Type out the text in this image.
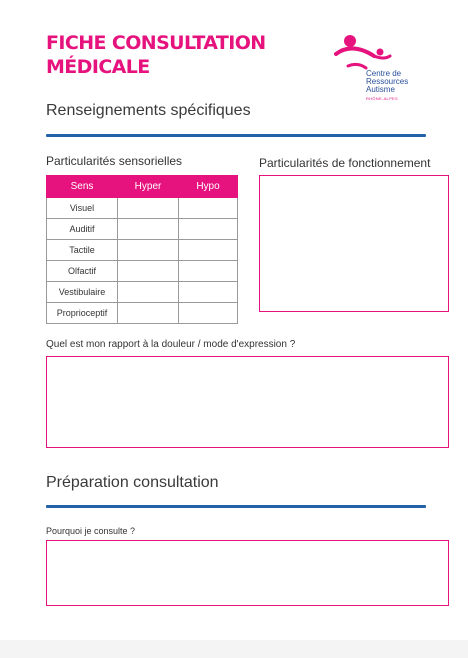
FICHE CONSULTATION
MÉDICALE	Centre de
Ressources
Autisme
RHÔNE-ALPES
Renseignements spécifiques
Particularités sensorielles
Sens	Hyper	Hypo
Visuel		
Auditif		
Tactile		
Olfactif		
Vestibulaire		
Proprioceptif		
Particularités de fonctionnement
Quel est mon rapport à la douleur / mode d'expression ?
Préparation consultation
Pourquoi je consulte ?
